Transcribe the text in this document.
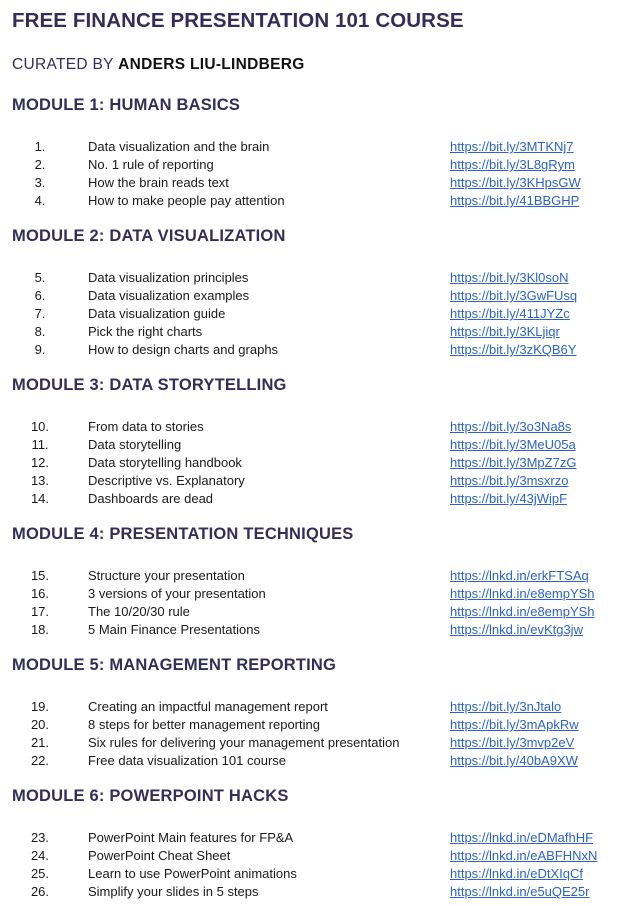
FREE FINANCE PRESENTATION 101 COURSE
CURATED BY ANDERS LIU-LINDBERG
MODULE 1: HUMAN BASICS
1.	Data visualization and the brain	https://bit.ly/3MTKNj7
2.	No. 1 rule of reporting	https://bit.ly/3L8gRym
3.	How the brain reads text	https://bit.ly/3KHpsGW
4.	How to make people pay attention	https://bit.ly/41BBGHP
MODULE 2: DATA VISUALIZATION
5.	Data visualization principles	https://bit.ly/3Kl0soN
6.	Data visualization examples	https://bit.ly/3GwFUsq
7.	Data visualization guide	https://bit.ly/411JYZc
8.	Pick the right charts	https://bit.ly/3KLjiqr
9.	How to design charts and graphs	https://bit.ly/3zKQB6Y
MODULE 3: DATA STORYTELLING
10.	From data to stories	https://bit.ly/3o3Na8s
11.	Data storytelling	https://bit.ly/3MeU05a
12.	Data storytelling handbook	https://bit.ly/3MpZ7zG
13.	Descriptive vs. Explanatory	https://bit.ly/3msxrzo
14.	Dashboards are dead	https://bit.ly/43jWipF
MODULE 4: PRESENTATION TECHNIQUES
15.	Structure your presentation	https://lnkd.in/erkFTSAq
16.	3 versions of your presentation	https://lnkd.in/e8empYSh
17.	The 10/20/30 rule	https://lnkd.in/e8empYSh
18.	5 Main Finance Presentations	https://lnkd.in/evKtg3jw
MODULE 5: MANAGEMENT REPORTING
19.	Creating an impactful management report	https://bit.ly/3nJtalo
20.	8 steps for better management reporting	https://bit.ly/3mApkRw
21.	Six rules for delivering your management presentation	https://bit.ly/3mvp2eV
22.	Free data visualization 101 course	https://bit.ly/40bA9XW
MODULE 6: POWERPOINT HACKS
23.	PowerPoint Main features for FP&A	https://lnkd.in/eDMafhHF
24.	PowerPoint Cheat Sheet	https://lnkd.in/eABFHNxN
25.	Learn to use PowerPoint animations	https://lnkd.in/eDtXIqCf
26.	Simplify your slides in 5 steps	https://lnkd.in/e5uQE25r
